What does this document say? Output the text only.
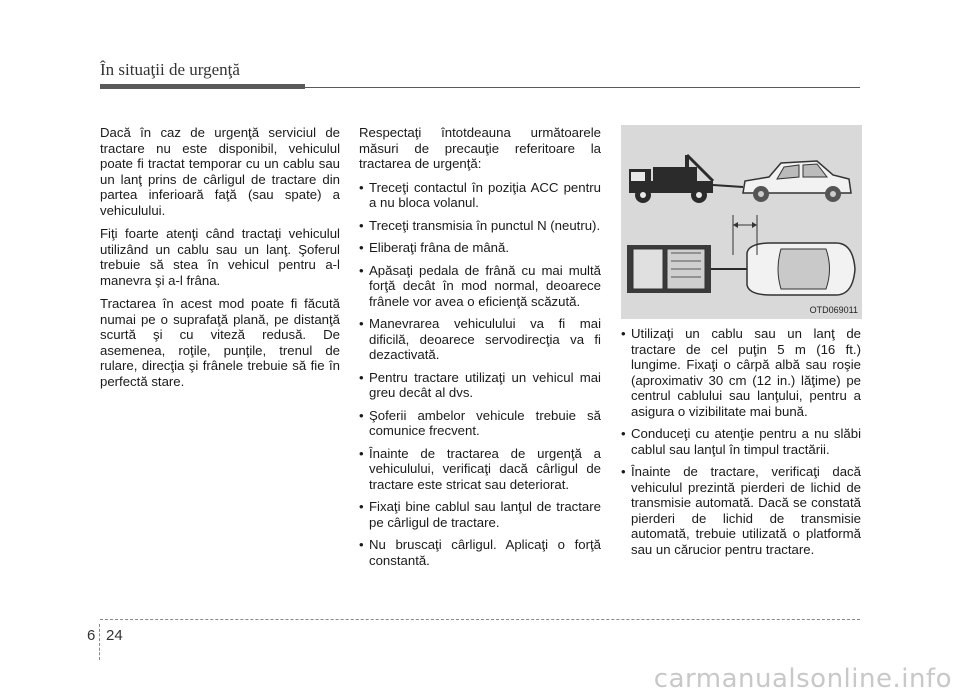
În situaţii de urgenţă

Dacă în caz de urgenţă serviciul de tractare nu este disponibil, vehiculul poate fi tractat temporar cu un cablu sau un lanţ prins de cârligul de tractare din partea inferioară faţă (sau spate) a vehiculului.

Fiţi foarte atenţi când tractaţi vehiculul utilizând un cablu sau un lanţ. Şoferul trebuie să stea în vehicul pentru a-l manevra şi a-l frâna.

Tractarea în acest mod poate fi făcută numai pe o suprafaţă plană, pe distanţă scurtă şi cu viteză redusă. De asemenea, roţile, punţile, trenul de rulare, direcţia şi frânele trebuie să fie în perfectă stare.

Respectaţi întotdeauna următoarele măsuri de precauţie referitoare la tractarea de urgenţă:

• Treceţi contactul în poziţia ACC pentru a nu bloca volanul.
• Treceţi transmisia în punctul N (neutru).
• Eliberaţi frâna de mână.
• Apăsaţi pedala de frână cu mai multă forţă decât în mod normal, deoarece frânele vor avea o eficienţă scăzută.
• Manevrarea vehiculului va fi mai dificilă, deoarece servodirecţia va fi dezactivată.
• Pentru tractare utilizaţi un vehicul mai greu decât al dvs.
• Şoferii ambelor vehicule trebuie să comunice frecvent.
• Înainte de tractarea de urgenţă a vehiculului, verificaţi dacă cârligul de tractare este stricat sau deteriorat.
• Fixaţi bine cablul sau lanţul de tractare pe cârligul de tractare.
• Nu bruscaţi cârligul. Aplicaţi o forţă constantă.
OTD069011
• Utilizaţi un cablu sau un lanţ de tractare de cel puţin 5 m (16 ft.) lungime. Fixaţi o cârpă albă sau roşie (aproximativ 30 cm (12 in.) lăţime) pe centrul cablului sau lanţului, pentru a asigura o vizibilitate mai bună.
• Conduceţi cu atenţie pentru a nu slăbi cablul sau lanţul în timpul tractării.
• Înainte de tractare, verificaţi dacă vehiculul prezintă pierderi de lichid de transmisie automată. Dacă se constată pierderi de lichid de transmisie automată, trebuie utilizată o platformă sau un cărucior pentru tractare.
6 24
carmanualsonline.info
